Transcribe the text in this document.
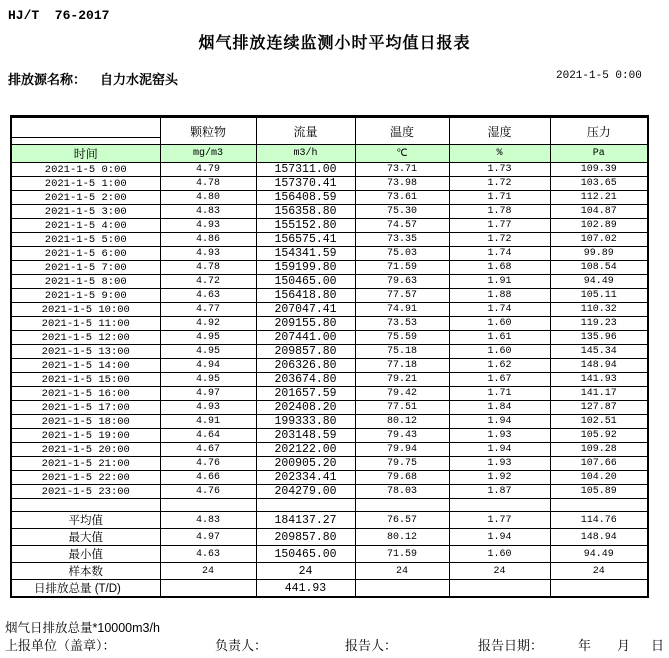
HJ/T  76-2017
烟气排放连续监测小时平均值日报表
排放源名称： 自力水泥窑头	2021-1-5 0:00
	颗粒物	流量	温度	湿度	压力
时间	mg/m3	m3/h	℃	%	Pa
2021-1-5 0:00	4.79	157311.00	73.71	1.73	109.39
2021-1-5 1:00	4.78	157370.41	73.98	1.72	103.65
2021-1-5 2:00	4.80	156408.59	73.61	1.71	112.21
2021-1-5 3:00	4.83	156358.80	75.30	1.78	104.87
2021-1-5 4:00	4.93	155152.80	74.57	1.77	102.89
2021-1-5 5:00	4.86	156575.41	73.35	1.72	107.02
2021-1-5 6:00	4.93	154341.59	75.03	1.74	99.89
2021-1-5 7:00	4.78	159199.80	71.59	1.68	108.54
2021-1-5 8:00	4.72	150465.00	79.63	1.91	94.49
2021-1-5 9:00	4.63	156418.80	77.57	1.88	105.11
2021-1-5 10:00	4.77	207047.41	74.91	1.74	110.32
2021-1-5 11:00	4.92	209155.80	73.53	1.60	119.23
2021-1-5 12:00	4.95	207441.00	75.59	1.61	135.96
2021-1-5 13:00	4.95	209857.80	75.18	1.60	145.34
2021-1-5 14:00	4.94	206326.80	77.18	1.62	148.94
2021-1-5 15:00	4.95	203674.80	79.21	1.67	141.93
2021-1-5 16:00	4.97	201657.59	79.42	1.71	141.17
2021-1-5 17:00	4.93	202408.20	77.51	1.84	127.87
2021-1-5 18:00	4.91	199333.80	80.12	1.94	102.51
2021-1-5 19:00	4.64	203148.59	79.43	1.93	105.92
2021-1-5 20:00	4.67	202122.00	79.94	1.94	109.28
2021-1-5 21:00	4.76	200905.20	79.75	1.93	107.66
2021-1-5 22:00	4.66	202334.41	79.68	1.92	104.20
2021-1-5 23:00	4.76	204279.00	78.03	1.87	105.89

平均值	4.83	184137.27	76.57	1.77	114.76
最大值	4.97	209857.80	80.12	1.94	148.94
最小值	4.63	150465.00	71.59	1.60	94.49
样本数	24	24	24	24	24
日排放总量 (T/D)		441.93			
烟气日排放总量*10000m3/h
上报单位（盖章）：	负责人：	报告人：	报告日期：	年 月 日
